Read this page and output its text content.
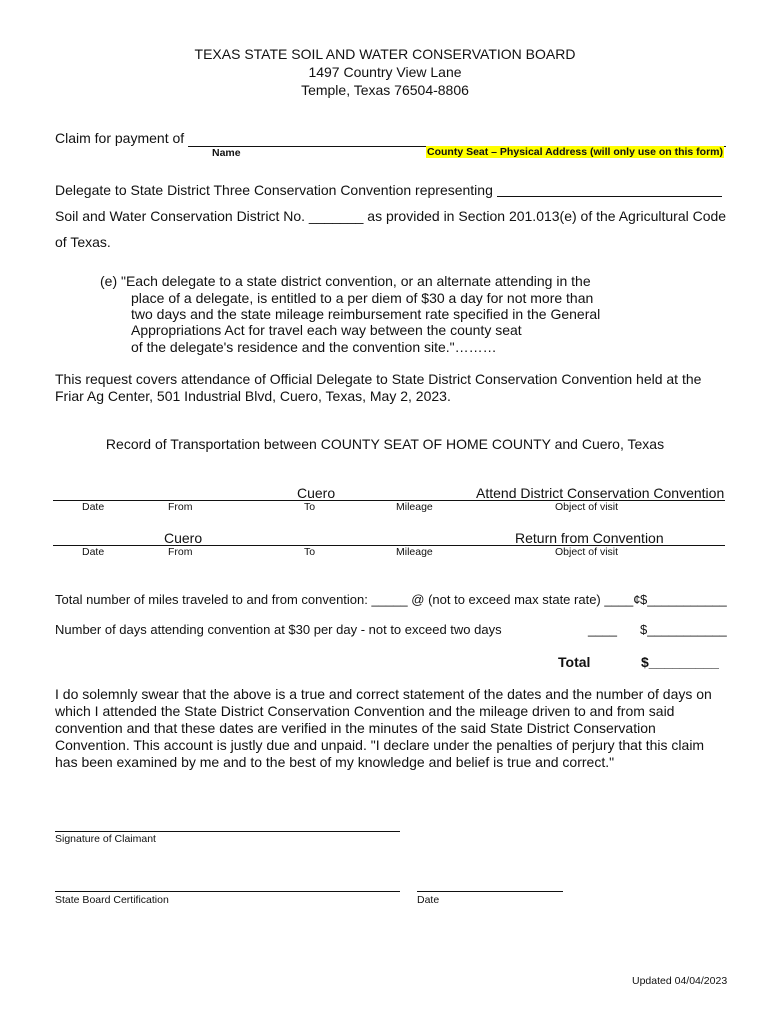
TEXAS STATE SOIL AND WATER CONSERVATION BOARD
1497 Country View Lane
Temple, Texas 76504-8806
Claim for payment of
Name	County Seat – Physical Address (will only use on this form)
Delegate to State District Three Conservation Convention representing
Soil and Water Conservation District No. _______ as provided in Section 201.013(e) of the Agricultural Code
of Texas.
(e) "Each delegate to a state district convention, or an alternate attending in the
place of a delegate, is entitled to a per diem of $30 a day for not more than
two days and the state mileage reimbursement rate specified in the General
Appropriations Act for travel each way between the county seat
of the delegate's residence and the convention site."………
This request covers attendance of Official Delegate to State District Conservation Convention held at the
Friar Ag Center, 501 Industrial Blvd, Cuero, Texas, May 2, 2023.
Record of Transportation between COUNTY SEAT OF HOME COUNTY and Cuero, Texas
Cuero	Attend District Conservation Convention
Date	From	To	Mileage	Object of visit
Cuero	Return from Convention
Date	From	To	Mileage	Object of visit
Total number of miles traveled to and from convention: _____ @ (not to exceed max state rate) ____¢ $___________
Number of days attending convention at $30 per day - not to exceed two days	____ $___________
Total	$_________
I do solemnly swear that the above is a true and correct statement of the dates and the number of days on
which I attended the State District Conservation Convention and the mileage driven to and from said
convention and that these dates are verified in the minutes of the said State District Conservation
Convention. This account is justly due and unpaid. "I declare under the penalties of perjury that this claim
has been examined by me and to the best of my knowledge and belief is true and correct."
Signature of Claimant
State Board Certification	Date
Updated 04/04/2023
